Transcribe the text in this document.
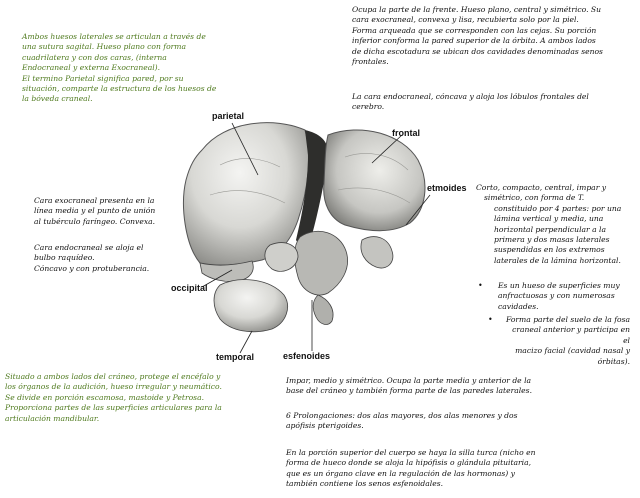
Ambos huesos laterales se articulan a través de

una sutura sagital. Hueso plano con forma

cuadrilatera y con dos caras, (interna

Endocraneal y externa Exocraneal).

El termino Parietal significa pared, por su

situación, comparte la estructura de los huesos de

la bóveda craneal.

Ocupa la parte de la frente. Hueso plano, central y simétrico. Su

cara exocraneal, convexa y lisa, recubierta solo por la piel.

Forma arqueada que se corresponden con las cejas. Su porción

inferior conforma la pared superior de la órbita. A ambos lados

de dicha escotadura se ubican dos cavidades denominadas senos

frontales.

La cara endocraneal, cóncava y aloja los lóbulos frontales del

cerebro.

Cara exocraneal presenta en la

línea media y el punto de unión

al tubérculo faríngeo. Convexa.

Cara endocraneal se aloja el

bulbo raquídeo.

Cóncavo y con protuberancia.

Corto, compacto, central, impar y

simétrico, con forma de T.

constituido por 4 partes: por una

lámina vertical y media, una

horizontal perpendicular a la

primera y dos masas laterales

suspendidas en los extremos

laterales de la lámina horizontal.

• Es un hueso de superficies muy

anfractuosas y con numerosas

cavidades.

• Forma parte del suelo de la fosa

craneal anterior y participa en el

macizo facial (cavidad nasal y

órbitas).

Situado a ambos lados del cráneo, protege el encéfalo y

los órganos de la audición, hueso irregular y neumático.

Se divide en porción escamosa, mastoide y Petrosa.

Proporciona partes de las superficies articulares para la

articulación mandibular.

Impar, medio y simétrico. Ocupa la parte media y anterior de la

base del cráneo y también forma parte de las paredes laterales.

6 Prolongaciones: dos alas mayores, dos alas menores y dos

apófisis pterigoides.

En la porción superior del cuerpo se haya la silla turca (nicho en

forma de hueco donde se aloja la hipófisis o glándula pituitaria,

que es un órgano clave en la regulación de las hormonas) y

también contiene los senos esfenoidales.

parietal
frontal
etmoides
occipital
temporal	esfenoides
